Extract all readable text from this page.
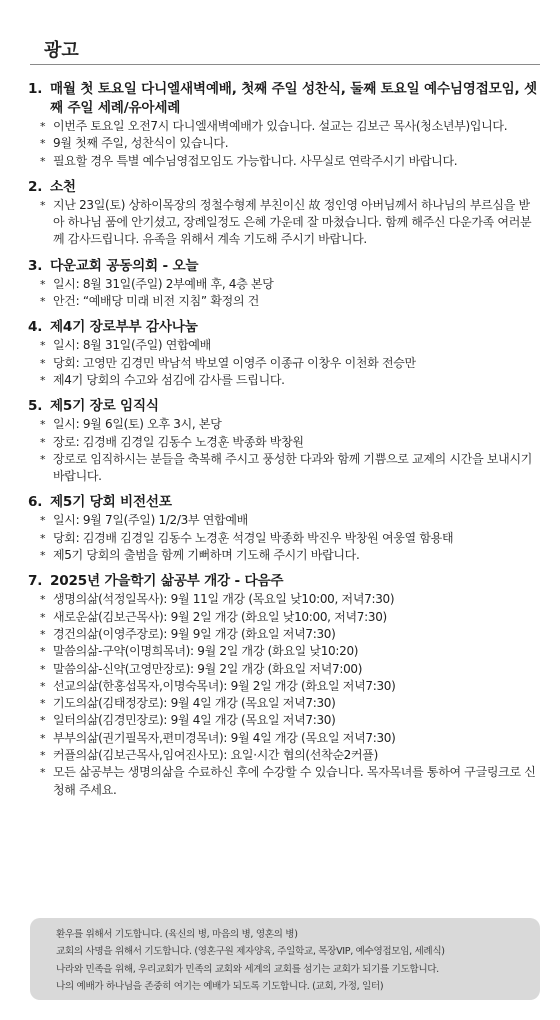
광고
1. 매월 첫 토요일 다니엘새벽예배, 첫째 주일 성찬식, 둘째 토요일 예수님영접모임, 셋째 주일 세례/유아세례
* 이번주 토요일 오전7시 다니엘새벽예배가 있습니다. 설교는 김보근 목사(청소년부)입니다.
* 9월 첫째 주일, 성찬식이 있습니다.
* 필요할 경우 특별 예수님영접모임도 가능합니다. 사무실로 연락주시기 바랍니다.
2. 소천
* 지난 23일(토) 상하이목장의 정철수형제 부친이신 故 정인영 아버님께서 하나님의 부르심을 받아 하나님 품에 안기셨고, 장례일정도 은혜 가운데 잘 마쳤습니다. 함께 해주신 다운가족 여러분께 감사드립니다. 유족을 위해서 계속 기도해 주시기 바랍니다.
3. 다운교회 공동의회 - 오늘
* 일시: 8월 31일(주일) 2부예배 후, 4층 본당
* 안건: “예배당 미래 비전 지침” 확정의 건
4. 제4기 장로부부 감사나눔
* 일시: 8월 31일(주일) 연합예배
* 당회: 고영만 김경민 박남석 박보열 이영주 이종규 이창우 이천화 전승만
* 제4기 당회의 수고와 섬김에 감사를 드립니다.
5. 제5기 장로 임직식
* 일시: 9월 6일(토) 오후 3시, 본당
* 장로: 김경배 김경일 김동수 노경훈 박종화 박창원
* 장로로 임직하시는 분들을 축복해 주시고 풍성한 다과와 함께 기쁨으로 교제의 시간을 보내시기 바랍니다.
6. 제5기 당회 비전선포
* 일시: 9월 7일(주일) 1/2/3부 연합예배
* 당회: 김경배 김경일 김동수 노경훈 석경일 박종화 박진우 박창원 여웅열 함용태
* 제5기 당회의 출범을 함께 기뻐하며 기도해 주시기 바랍니다.
7. 2025년 가을학기 삶공부 개강 - 다음주
* 생명의삶(석정일목사): 9월 11일 개강 (목요일 낮10:00, 저녁7:30)
* 새로운삶(김보근목사): 9월 2일 개강 (화요일 낮10:00, 저녁7:30)
* 경건의삶(이영주장로): 9월 9일 개강 (화요일 저녁7:30)
* 말씀의삶-구약(이명희목녀): 9월 2일 개강 (화요일 낮10:20)
* 말씀의삶-신약(고영만장로): 9월 2일 개강 (화요일 저녁7:00)
* 선교의삶(한홍섭목자,이명숙목녀): 9월 2일 개강 (화요일 저녁7:30)
* 기도의삶(김태정장로): 9월 4일 개강 (목요일 저녁7:30)
* 일터의삶(김경민장로): 9월 4일 개강 (목요일 저녁7:30)
* 부부의삶(권기필목자,편미경목녀): 9월 4일 개강 (목요일 저녁7:30)
* 커플의삶(김보근목사,임여진사모): 요일·시간 협의(선착순2커플)
* 모든 삶공부는 생명의삶을 수료하신 후에 수강할 수 있습니다. 목자목녀를 통하여 구글링크로 신청해 주세요.
환우를 위해서 기도합니다. (육신의 병, 마음의 병, 영혼의 병)
교회의 사명을 위해서 기도합니다. (영혼구원 제자양육, 주일학교, 목장VIP, 예수영접모임, 세례식)
나라와 민족을 위해, 우리교회가 민족의 교회와 세계의 교회를 섬기는 교회가 되기를 기도합니다.
나의 예배가 하나님을 존중히 여기는 예배가 되도록 기도합니다. (교회, 가정, 일터)
